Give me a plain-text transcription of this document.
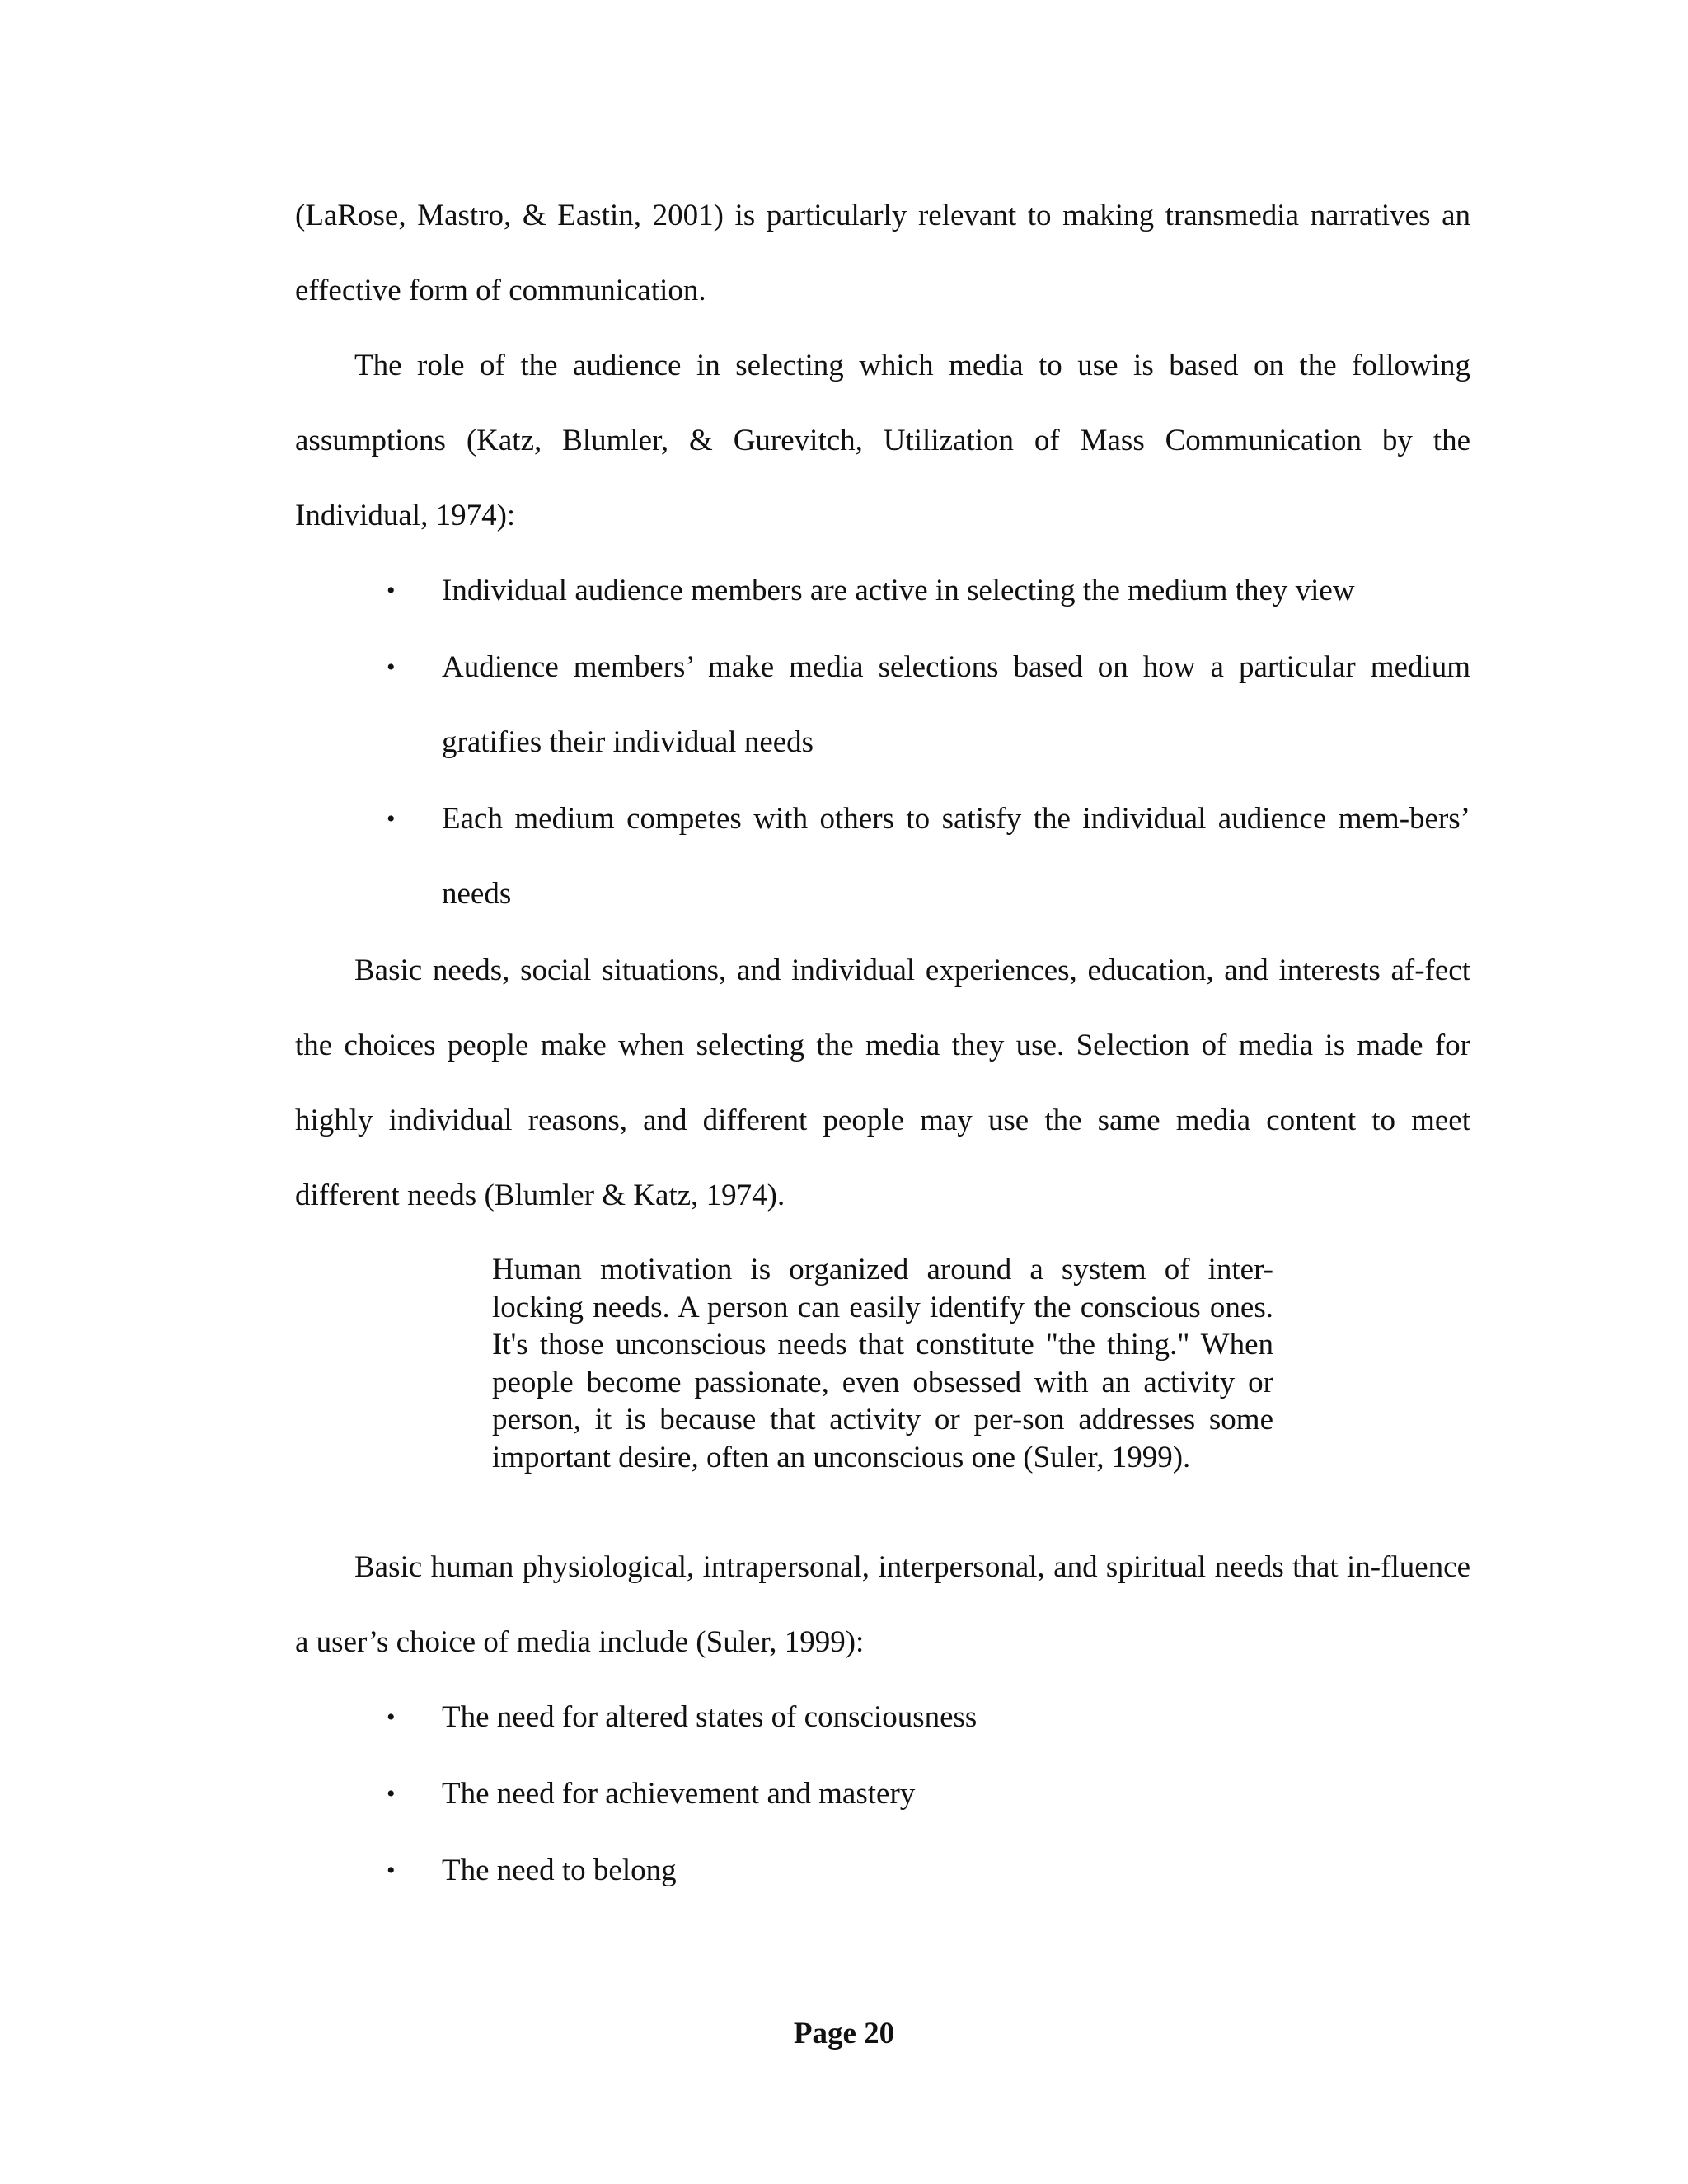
(LaRose, Mastro, & Eastin, 2001) is particularly relevant to making transmedia narratives an effective form of communication.

The role of the audience in selecting which media to use is based on the following assumptions (Katz, Blumler, & Gurevitch, Utilization of Mass Communication by the Individual, 1974):

• Individual audience members are active in selecting the medium they view
• Audience members’ make media selections based on how a particular medium gratifies their individual needs
• Each medium competes with others to satisfy the individual audience mem-bers’ needs

Basic needs, social situations, and individual experiences, education, and interests af-fect the choices people make when selecting the media they use. Selection of media is made for highly individual reasons, and different people may use the same media content to meet different needs (Blumler & Katz, 1974).

Human motivation is organized around a system of inter-locking needs. A person can easily identify the conscious ones. It's those unconscious needs that constitute "the thing." When people become passionate, even obsessed with an activity or person, it is because that activity or per-son addresses some important desire, often an unconscious one (Suler, 1999).

Basic human physiological, intrapersonal, interpersonal, and spiritual needs that in-fluence a user’s choice of media include (Suler, 1999):

• The need for altered states of consciousness
• The need for achievement and mastery
• The need to belong
Page 20
